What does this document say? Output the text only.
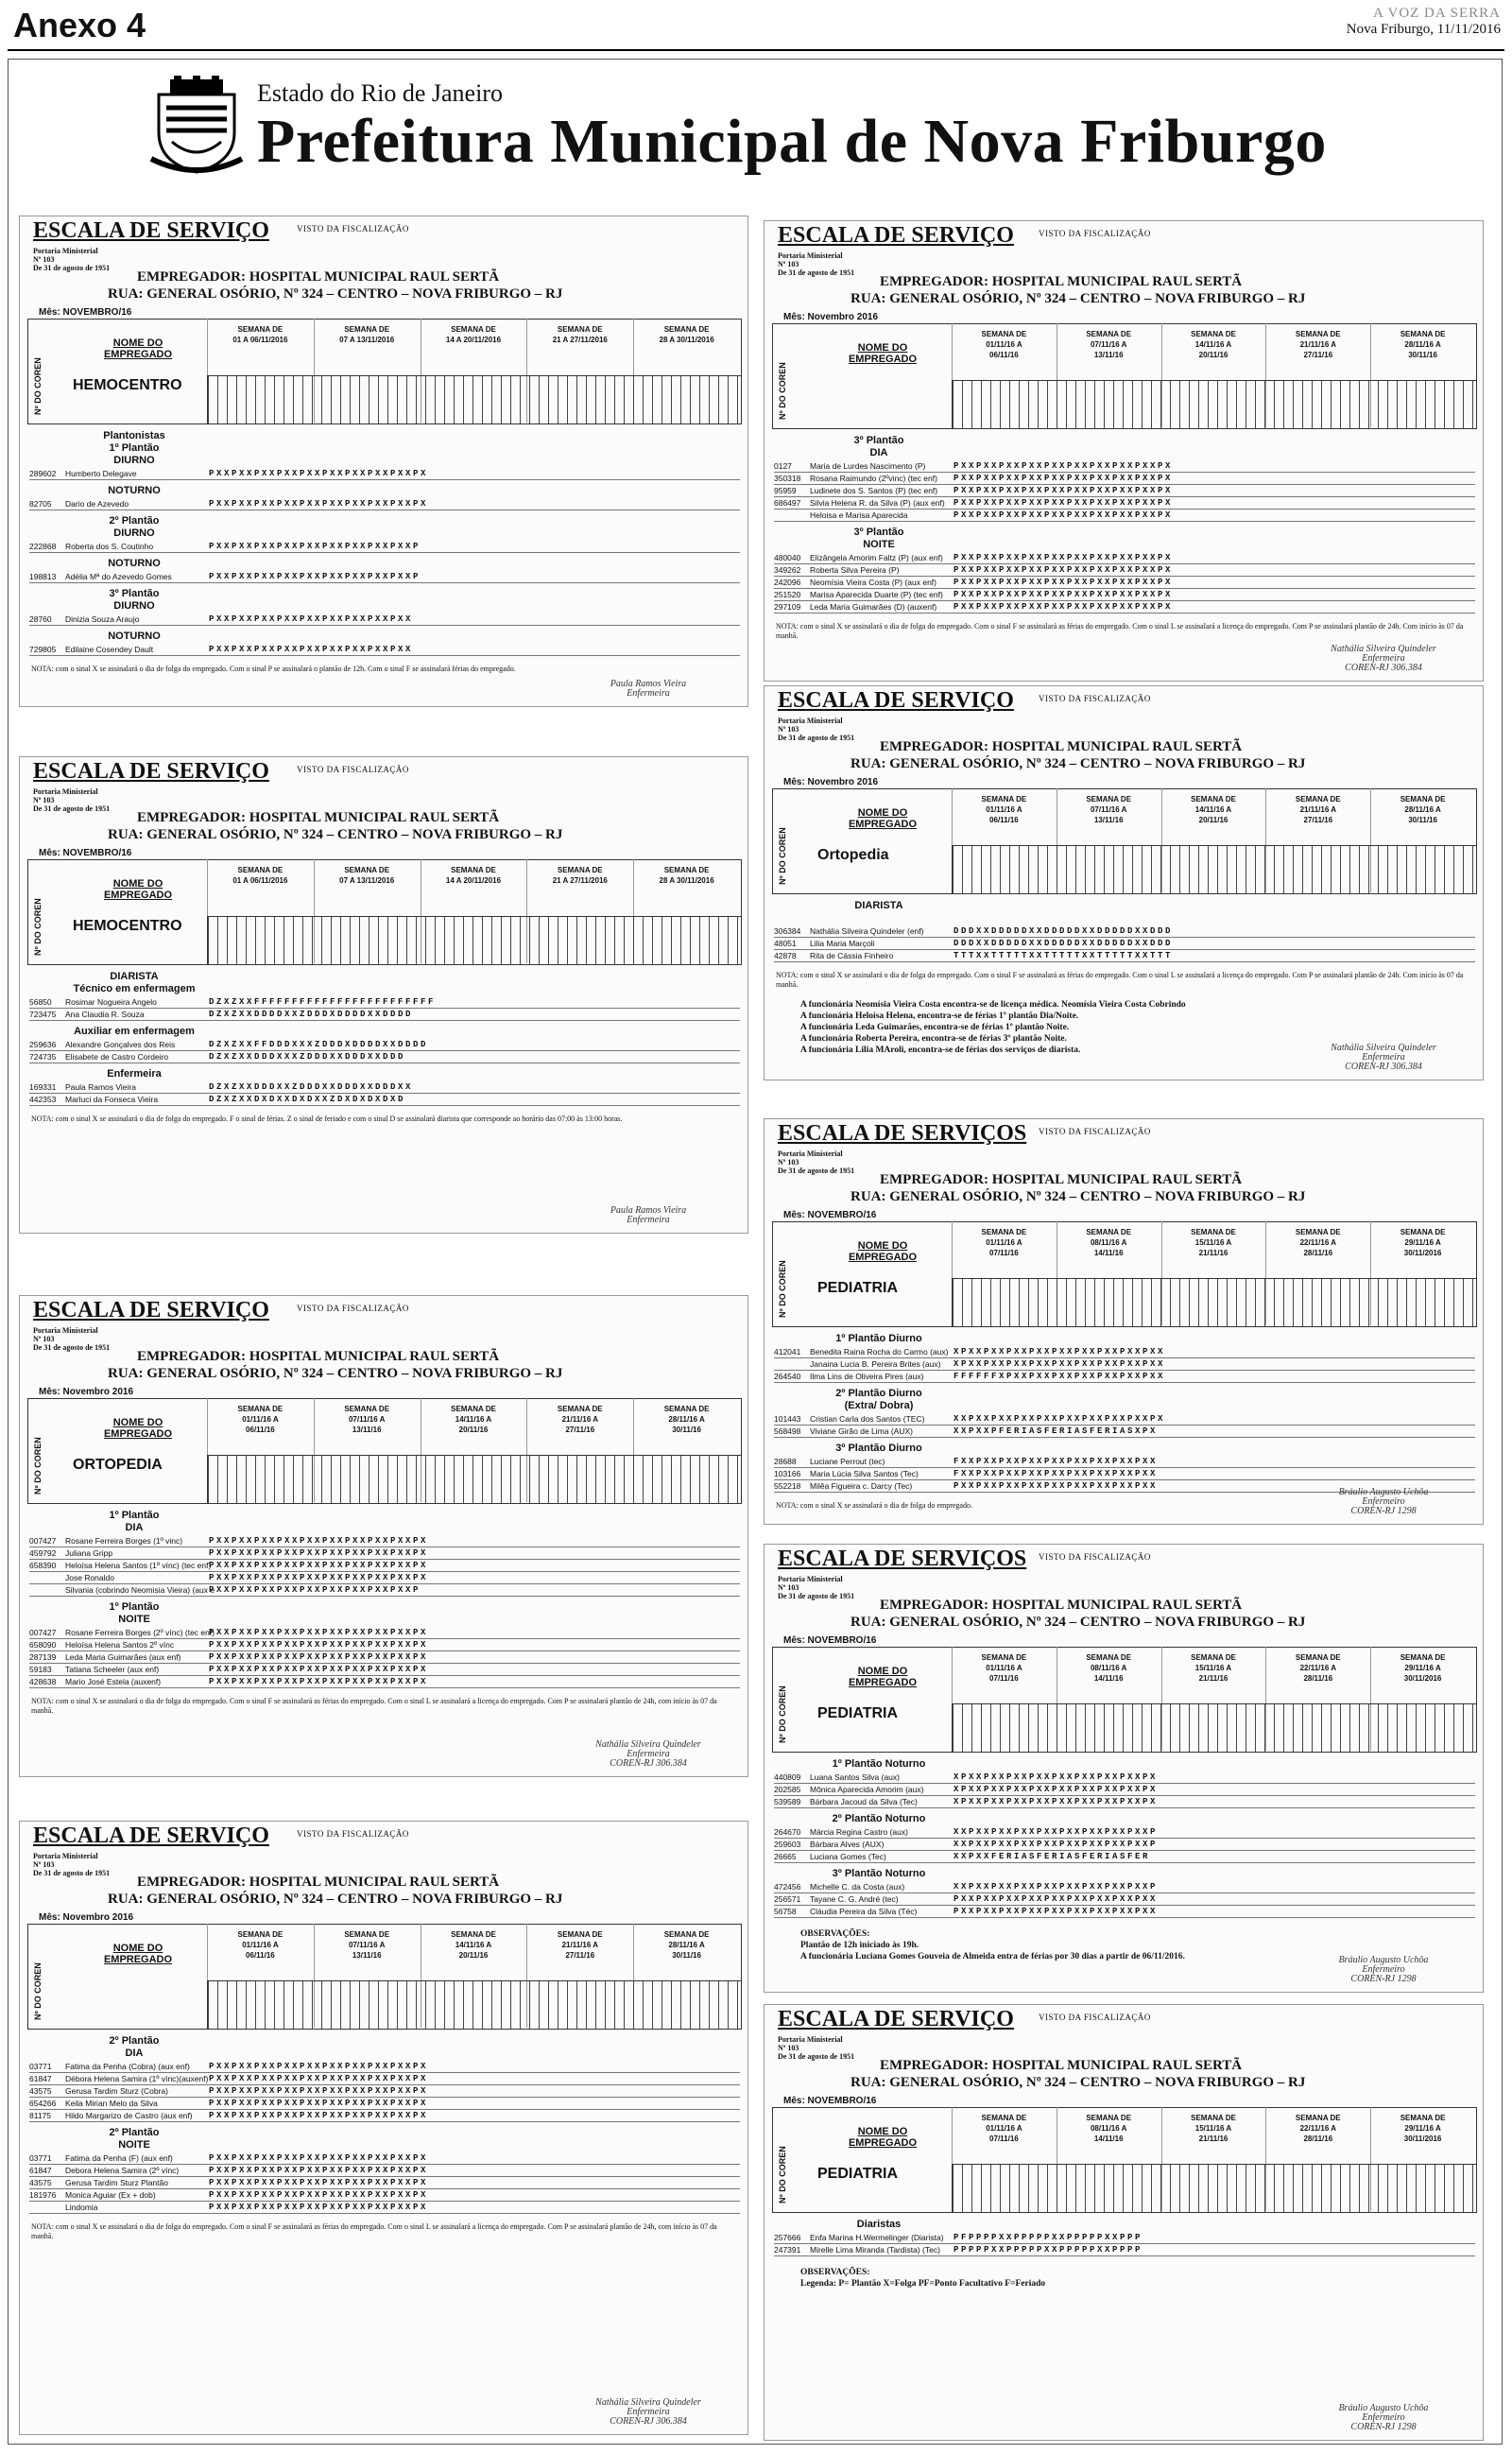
Anexo 4	A VOZ DA SERRA
Nova Friburgo, 11/11/2016
Estado do Rio de Janeiro
Prefeitura Municipal de Nova Friburgo
ESCALA DE SERVIÇO	VISTO DA FISCALIZAÇÃO
Portaria Ministerial
Nº 103
De 31 de agosto de 1951
EMPREGADOR: HOSPITAL MUNICIPAL RAUL SERTÃ
RUA: GENERAL OSÓRIO, Nº 324 – CENTRO – NOVA FRIBURGO – RJ
Mês: NOVEMBRO/16
Nº DO COREN
NOME DO
EMPREGADO
HEMOCENTRO
SEMANA DE
01 A 06/11/2016
SEMANA DE
07 A 13/11/2016
SEMANA DE
14 A 20/11/2016
SEMANA DE
21 A 27/11/2016
SEMANA DE
28 A 30/11/2016
Plantonistas
1º Plantão
DIURNO
289602	Humberto Delegave	PXXPXXPXXPXXPXXPXXPXXPXXPXXPX
NOTURNO
82705	Dario de Azevedo	PXXPXXPXXPXXPXXPXXPXXPXXPXXPX
2º Plantão
DIURNO
222868	Roberta dos S. Coutinho	PXXPXXPXXPXXPXXPXXPXXPXXPXXP
NOTURNO
198813	Adélia Mª do Azevedo Gomes	PXXPXXPXXPXXPXXPXXPXXPXXPXXP
3º Plantão
DIURNO
28760	Dinizia Souza Araujo	PXXPXXPXXPXXPXXPXXPXXPXXPXX
NOTURNO
729805	Edilaine Cosendey Dault	PXXPXXPXXPXXPXXPXXPXXPXXPXX
NOTA: com o sinal X se assinalará o dia de folga do empregado. Com o sinal P se assinalará o plantão de 12h. Com o sinal F se assinalará férias do empregado.
Paula Ramos Vieira
Enfermeira
ESCALA DE SERVIÇO	VISTO DA FISCALIZAÇÃO
Portaria Ministerial
Nº 103
De 31 de agosto de 1951
EMPREGADOR: HOSPITAL MUNICIPAL RAUL SERTÃ
RUA: GENERAL OSÓRIO, Nº 324 – CENTRO – NOVA FRIBURGO – RJ
Mês: NOVEMBRO/16
Nº DO COREN
NOME DO
EMPREGADO
HEMOCENTRO
SEMANA DE
01 A 06/11/2016
SEMANA DE
07 A 13/11/2016
SEMANA DE
14 A 20/11/2016
SEMANA DE
21 A 27/11/2016
SEMANA DE
28 A 30/11/2016
DIARISTA
Técnico em enfermagem
56850	Rosimar Nogueira Angelo	DZXZXXFFFFFFFFFFFFFFFFFFFFFFFF
723475	Ana Claudia R. Souza	DZXZXXDDDDXXZDDDXDDDDXXDDDD
Auxiliar em enfermagem
259636	Alexandre Gonçalves dos Reis	DZXZXXFFDDDXXXZDDDXDDDDXXDDDD
724735	Elisabete de Castro Cordeiro	DZXZXXDDDXXXZDDDXXDDDXXDDD
Enfermeira
169331	Paula Ramos Vieira	DZXZXXDDDXXZDDDXXDDDXXDDDXX
442353	Marluci da Fonseca Vieira	DZXZXXDXDXXDXDXXZDXDXDXDXD
NOTA: com o sinal X se assinalará o dia de folga do empregado. F o sinal de férias. Z o sinal de feriado e com o sinal D se assinalará diarista que corresponde ao horário das 07:00 às 13:00 horas.
Paula Ramos Vieira
Enfermeira
ESCALA DE SERVIÇO	VISTO DA FISCALIZAÇÃO
Portaria Ministerial
Nº 103
De 31 de agosto de 1951
EMPREGADOR: HOSPITAL MUNICIPAL RAUL SERTÃ
RUA: GENERAL OSÓRIO, Nº 324 – CENTRO – NOVA FRIBURGO – RJ
Mês: Novembro 2016
Nº DO COREN
NOME DO
EMPREGADO
ORTOPEDIA
SEMANA DE
01/11/16 A
06/11/16
SEMANA DE
07/11/16 A
13/11/16
SEMANA DE
14/11/16 A
20/11/16
SEMANA DE
21/11/16 A
27/11/16
SEMANA DE
28/11/16 A
30/11/16
1º Plantão
DIA
007427	Rosane Ferreira Borges (1º vinc)	PXXPXXPXXPXXPXXPXXPXXPXXPXXPX
459792	Juliana Gripp	PXXPXXPXXPXXPXXPXXPXXPXXPXXPX
658390	Heloísa Helena Santos (1º vínc) (tec enf)
PXXPXXPXXPXXPXXPXXPXXPXXPXXPX
Jose Ronaldo	PXXPXXPXXPXXPXXPXXPXXPXXPXXPX
Silvania (cobrindo Neomisia Vieira) (aux e
PXXPXXPXXPXXPXXPXXPXXPXXPXXP
1º Plantão
NOITE
007427	Rosane Ferreira Borges (2º vínc) (tec enf)
PXXPXXPXXPXXPXXPXXPXXPXXPXXPX
658090	Heloísa Helena Santos 2º vínc	PXXPXXPXXPXXPXXPXXPXXPXXPXXPX
287139	Leda Maria Guimarães (aux enf)	PXXPXXPXXPXXPXXPXXPXXPXXPXXPX
59183	Tatiana Scheeler (aux enf)	PXXPXXPXXPXXPXXPXXPXXPXXPXXPX
428638	Mario José Estela (auxenf)	PXXPXXPXXPXXPXXPXXPXXPXXPXXPX
NOTA: com o sinal X se assinalará o dia de folga do empregado. Com o sinal F se assinalará as férias do empregado. Com o sinal L se assinalará a licença do empregado. Com P se assinalará plantão de 24h, com início às 07 da manhã.
Nathália Silveira Quindeler
Enfermeira
COREN-RJ 306.384
ESCALA DE SERVIÇO	VISTO DA FISCALIZAÇÃO
Portaria Ministerial
Nº 103
De 31 de agosto de 1951
EMPREGADOR: HOSPITAL MUNICIPAL RAUL SERTÃ
RUA: GENERAL OSÓRIO, Nº 324 – CENTRO – NOVA FRIBURGO – RJ
Mês: Novembro 2016
Nº DO COREN
NOME DO
EMPREGADO
SEMANA DE
01/11/16 A
06/11/16
SEMANA DE
07/11/16 A
13/11/16
SEMANA DE
14/11/16 A
20/11/16
SEMANA DE
21/11/16 A
27/11/16
SEMANA DE
28/11/16 A
30/11/16
2º Plantão
DIA
03771	Fatima da Penha (Cobra) (aux enf) PXXPXXPXXPXXPXXPXXPXXPXXPXXPX
61847	Débora Helena Samira (1º vínc)(auxenf) PXXPXXPXXPXXPXXPXXPXXPXXPXXPX
43575	Gerusa Tardim Sturz (Cobra)	PXXPXXPXXPXXPXXPXXPXXPXXPXXPX
654266	Keila Mirian Melo da Silva	PXXPXXPXXPXXPXXPXXPXXPXXPXXPX
81175	Hildo Margarizo de Castro (aux enf) PXXPXXPXXPXXPXXPXXPXXPXXPXXPX
2º Plantão
NOITE
03771	Fatima da Penha (F) (aux enf)	PXXPXXPXXPXXPXXPXXPXXPXXPXXPX
61847	Debora Helena Samira (2º vínc)	PXXPXXPXXPXXPXXPXXPXXPXXPXXPX
43575	Gerusa Tardim Sturz Plantão	PXXPXXPXXPXXPXXPXXPXXPXXPXXPX
181976	Monica Aguiar (Ex + dob)	PXXPXXPXXPXXPXXPXXPXXPXXPXXPX
Lindomia	PXXPXXPXXPXXPXXPXXPXXPXXPXXPX
NOTA: com o sinal X se assinalará o dia de folga do empregado. Com o sinal F se assinalará as férias do empregado. Com o sinal L se assinalará a licença do empregado. Com P se assinalará plantão de 24h, com início às 07 da manhã.
Nathália Silveira Quindeler
Enfermeira
COREN-RJ 306.384
ESCALA DE SERVIÇO	VISTO DA FISCALIZAÇÃO
Portaria Ministerial
Nº 103
De 31 de agosto de 1951
EMPREGADOR: HOSPITAL MUNICIPAL RAUL SERTÃ
RUA: GENERAL OSÓRIO, Nº 324 – CENTRO – NOVA FRIBURGO – RJ
Mês: Novembro 2016
Nº DO COREN
NOME DO
EMPREGADO
SEMANA DE
01/11/16 A
06/11/16
SEMANA DE
07/11/16 A
13/11/16
SEMANA DE
14/11/16 A
20/11/16
SEMANA DE
21/11/16 A
27/11/16
SEMANA DE
28/11/16 A
30/11/16
3º Plantão
DIA
0127	Maria de Lurdes Nascimento (P)	PXXPXXPXXPXXPXXPXXPXXPXXPXXPX
350318	Rosana Raimundo (2ºvinc) (tec enf) PXXPXXPXXPXXPXXPXXPXXPXXPXXPX
95959	Ludinete dos S. Santos (P) (tec enf) PXXPXXPXXPXXPXXPXXPXXPXXPXXPX
686497	Silvia Helena R. da Silva (P) (aux enf) PXXPXXPXXPXXPXXPXXPXXPXXPXXPX
Heloisa e Marisa Aparecida	PXXPXXPXXPXXPXXPXXPXXPXXPXXPX
3º Plantão
NOITE
480040	Elizângela Amorim Faltz (P) (aux enf) PXXPXXPXXPXXPXXPXXPXXPXXPXXPX
349262	Roberta Silva Pereira (P)	PXXPXXPXXPXXPXXPXXPXXPXXPXXPX
242096	Neomísia Vieira Costa (P) (aux enf) PXXPXXPXXPXXPXXPXXPXXPXXPXXPX
251520	Marisa Aparecida Duarte (P) (tec enf) PXXPXXPXXPXXPXXPXXPXXPXXPXXPX
297109	Leda Maria Guimarães (D) (auxenf) PXXPXXPXXPXXPXXPXXPXXPXXPXXPX
NOTA: com o sinal X se assinalará o dia de folga do empregado. Com o sinal F se assinalará as férias do empregado. Com o sinal L se assinalará a licença do empregado. Com P se assinalará plantão de 24h. Com início às 07 da manhã.
Nathália Silveira Quindeler
Enfermeira
COREN-RJ 306.384
ESCALA DE SERVIÇO	VISTO DA FISCALIZAÇÃO
Portaria Ministerial
Nº 103
De 31 de agosto de 1951
EMPREGADOR: HOSPITAL MUNICIPAL RAUL SERTÃ
RUA: GENERAL OSÓRIO, Nº 324 – CENTRO – NOVA FRIBURGO – RJ
Mês: Novembro 2016
Nº DO COREN
NOME DO
EMPREGADO
Ortopedia
SEMANA DE
01/11/16 A
06/11/16
SEMANA DE
07/11/16 A
13/11/16
SEMANA DE
14/11/16 A
20/11/16
SEMANA DE
21/11/16 A
27/11/16
SEMANA DE
28/11/16 A
30/11/16
DIARISTA
306384	Nathália Silveira Quindeler (enf)	DDDXXDDDDDXXDDDDDXXDDDDDXXDDD
48051	Lilia Maria Marçoli	DDDXXDDDDDXXDDDDDXXDDDDDXXDDD
42878	Rita de Cássia Finheiro	TTTXXTTTTTXXTTTTTXXTTTTTXXTTT
NOTA: com o sinal X se assinalará o dia de folga do empregado. Com o sinal F se assinalará as férias do empregado. Com o sinal L se assinalará a licença do empregado. Com P se assinalará plantão de 24h. Com início às 07 da manhã.
A funcionária Neomísia Vieira Costa encontra-se de licença médica. Neomísia Vieira Costa Cobrindo
A funcionária Heloísa Helena, encontra-se de férias 1º plantão Dia/Noite.
A funcionária Leda Guimarães, encontra-se de férias 1º plantão Noite.
A funcionária Roberta Pereira, encontra-se de férias 3º plantão Noite.
A funcionária Lilia MAroli, encontra-se de férias dos serviços de diarista.	Nathália Silveira Quindeler
Enfermeira
COREN-RJ 306.384
ESCALA DE SERVIÇOS VISTO DA FISCALIZAÇÃO
Portaria Ministerial
Nº 103
De 31 de agosto de 1951
EMPREGADOR: HOSPITAL MUNICIPAL RAUL SERTÃ
RUA: GENERAL OSÓRIO, Nº 324 – CENTRO – NOVA FRIBURGO – RJ
Mês: NOVEMBRO/16
Nº DO COREN
NOME DO
EMPREGADO
PEDIATRIA
SEMANA DE
01/11/16 A
07/11/16
SEMANA DE
08/11/16 A
14/11/16
SEMANA DE
15/11/16 A
21/11/16
SEMANA DE
22/11/16 A
28/11/16
SEMANA DE
29/11/16 A
30/11/2016
1º Plantão Diurno
412041	Benedita Raina Rocha do Carmo (aux) XPXXPXXPXXPXXPXXPXXPXXPXXPXX
Janaina Lucia B. Pereira Brites (aux) XPXXPXXPXXPXXPXXPXXPXXPXXPXX
264540	Ilma Lins de Oliveira Pires (aux)	FFFFFFXPXXPXXPXXPXXPXXPXXPXX
2º Plantão Diurno
(Extra/ Dobra)
101443	Cristian Carla dos Santos (TEC)	XXPXXPXXPXXPXXPXXPXXPXXPXXPX
568498	Viviane Girão de Lima (AUX)	XXPXXPFERIASFERIASFERIASXPX
3º Plantão Diurno
28688	Luciane Perrout (tec)	FXXPXXPXXPXXPXXPXXPXXPXXPXX
103166	Maria Lúcia Silva Santos (Tec)	FXXPXXPXXPXXPXXPXXPXXPXXPXX
552218	Milêa Figueira c. Darcy (Tec)	PXXPXXPXXPXXPXXPXXPXXPXXPXX
NOTA: com o sinal X se assinalará o dia de folga do empregado.
Bráulio Augusto Uchôa
Enfermeiro
COREN-RJ 1298
ESCALA DE SERVIÇOS VISTO DA FISCALIZAÇÃO
Portaria Ministerial
Nº 103
De 31 de agosto de 1951
EMPREGADOR: HOSPITAL MUNICIPAL RAUL SERTÃ
RUA: GENERAL OSÓRIO, Nº 324 – CENTRO – NOVA FRIBURGO – RJ
Mês: NOVEMBRO/16
Nº DO COREN
NOME DO
EMPREGADO
PEDIATRIA
SEMANA DE
01/11/16 A
07/11/16
SEMANA DE
08/11/16 A
14/11/16
SEMANA DE
15/11/16 A
21/11/16
SEMANA DE
22/11/16 A
28/11/16
SEMANA DE
29/11/16 A
30/11/2016
1º Plantão Noturno
440809	Luana Santos Silva (aux)	XPXXPXXPXXPXXPXXPXXPXXPXXPX
202585	Mônica Aparecida Amorim (aux)	XPXXPXXPXXPXXPXXPXXPXXPXXPX
539589	Bárbara Jacoud da Silva (Tec)	XPXXPXXPXXPXXPXXPXXPXXPXXPX
2º Plantão Noturno
264670	Márcia Regina Castro (aux)	XXPXXPXXPXXPXXPXXPXXPXXPXXP
259603	Bárbara Alves (AUX)	XXPXXPXXPXXPXXPXXPXXPXXPXXP
26665	Luciana Gomes (Tec)	XXPXXFERIASFERIASFERIASFER
3º Plantão Noturno
472456	Michelle C. da Costa (aux)	XXPXXPXXPXXPXXPXXPXXPXXPXXP
256571	Tayane C. G. André (tec)	PXXPXXPXXPXXPXXPXXPXXPXXPXX
56758	Cláudia Pereira da Silva (Téc)	PXXPXXPXXPXXPXXPXXPXXPXXPXX
OBSERVAÇÕES:
Plantão de 12h iniciado às 19h.
A funcionária Luciana Gomes Gouveia de Almeida entra de férias por 30 dias a partir de 06/11/2016.	Bráulio Augusto Uchôa
Enfermeiro
COREN-RJ 1298
ESCALA DE SERVIÇO	VISTO DA FISCALIZAÇÃO
Portaria Ministerial
Nº 103
De 31 de agosto de 1951
EMPREGADOR: HOSPITAL MUNICIPAL RAUL SERTÃ
RUA: GENERAL OSÓRIO, Nº 324 – CENTRO – NOVA FRIBURGO – RJ
Mês: NOVEMBRO/16
Nº DO COREN
NOME DO
EMPREGADO
PEDIATRIA
SEMANA DE
01/11/16 A
07/11/16
SEMANA DE
08/11/16 A
14/11/16
SEMANA DE
15/11/16 A
21/11/16
SEMANA DE
22/11/16 A
28/11/16
SEMANA DE
29/11/16 A
30/11/2016
Diaristas
257666	Enfa Marina H.Wermelinger (Diarista) PFPPPPXXPPPPPXXPPPPPXXPPP
247391	Mirelle Lima Miranda (Tardista) (Tec) PPPPPXXPPPPPXXPPPPPXXPPPP
OBSERVAÇÕES:
Legenda: P= Plantão X=Folga PF=Ponto Facultativo F=Feriado
Bráulio Augusto Uchôa
Enfermeiro
COREN-RJ 1298
